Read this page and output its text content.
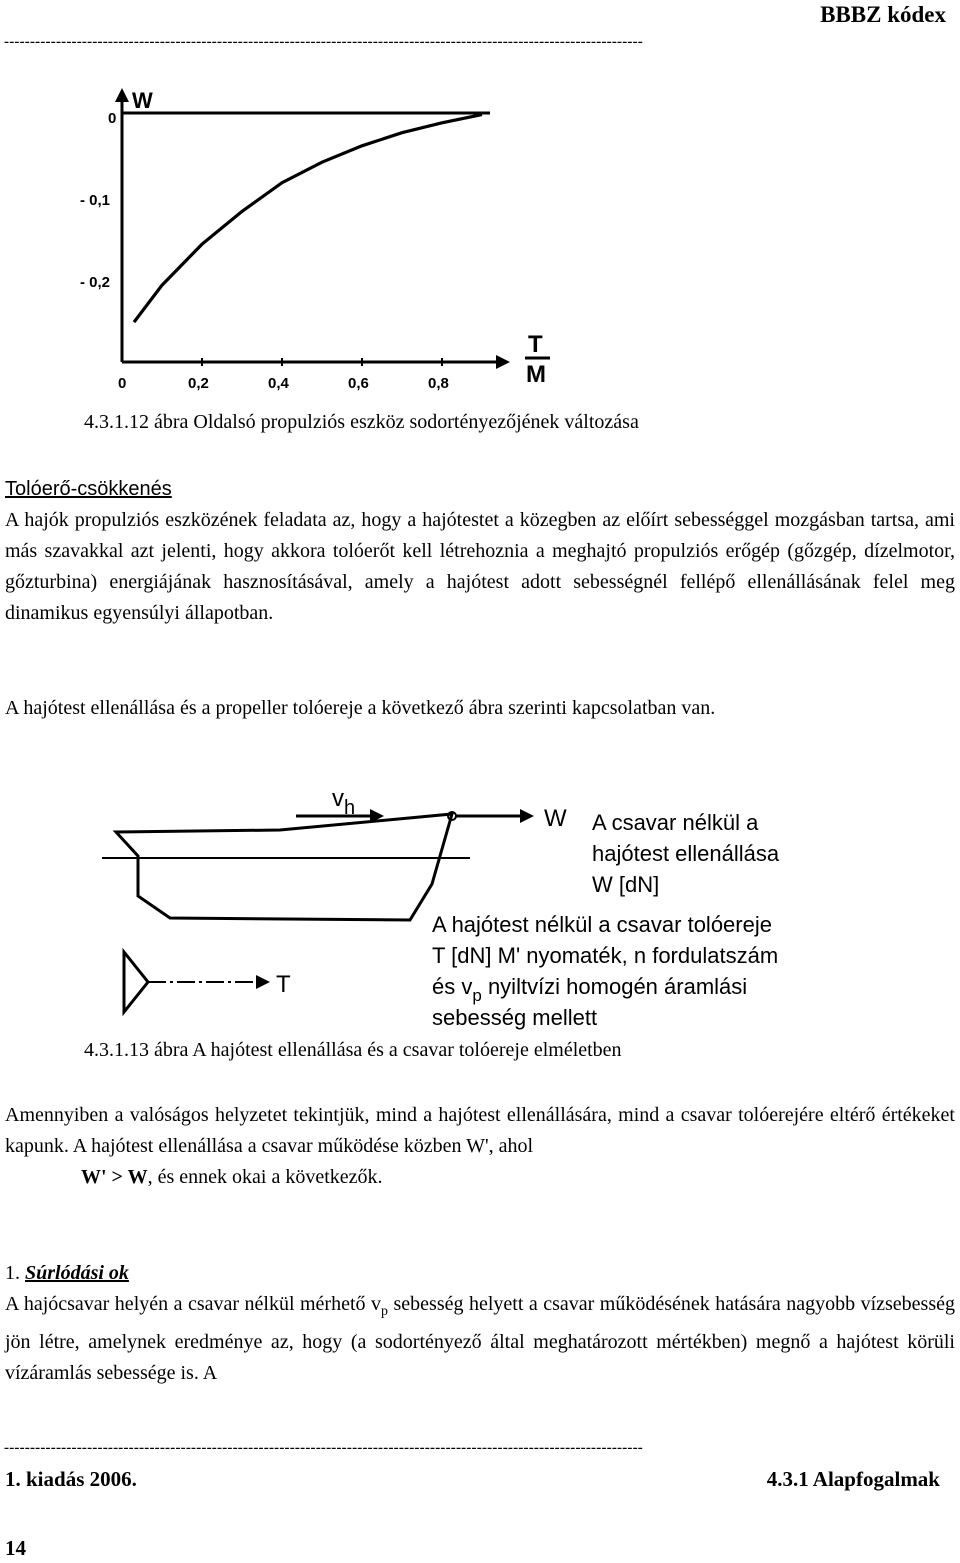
BBBZ kódex
---------------------------------------------------------------------------------------------------------------------------
W
T
M
0	0,2	0,4	0,6	0,8
0
- 0,1
- 0,2
4.3.1.12 ábra Oldalsó propulziós eszköz sodortényezőjének változása

Tolóerő-csökkenés

A hajók propulziós eszközének feladata az, hogy a hajótestet a közegben az előírt sebességgel mozgásban tartsa, ami más szavakkal azt jelenti, hogy akkora tolóerőt kell létrehoznia a meghajtó propulziós erőgép (gőzgép, dízelmotor, gőzturbina) energiájának hasznosításával, amely a hajótest adott sebességnél fellépő ellenállásának felel meg dinamikus egyensúlyi állapotban.

A hajótest ellenállása és a propeller tolóereje a következő ábra szerinti kapcsolatban van.

$v_h$	W A csavar nélkül a
hajótest ellenállása
W [dN]
T
A hajótest nélkül a csavar tolóereje
T [dN] M' nyomaték, n fordulatszám
és $v_p$ nyiltvízi homogén áramlási
sebesség mellett
4.3.1.13 ábra A hajótest ellenállása és a csavar tolóereje elméletben

Amennyiben a valóságos helyzetet tekintjük, mind a hajótest ellenállására, mind a csavar tolóerejére eltérő értékeket kapunk. A hajótest ellenállása a csavar működése közben W', ahol

W' > W, és ennek okai a következők.

1. Súrlódási ok

A hajócsavar helyén a csavar nélkül mérhető $v_p$ sebesség helyett a csavar működésének hatására nagyobb vízsebesség jön létre, amelynek eredménye az, hogy (a sodortényező által meghatározott mértékben) megnő a hajótest körüli vízáramlás sebessége is. A

---------------------------------------------------------------------------------------------------------------------------
1. kiadás 2006.	4.3.1 Alapfogalmak
14
